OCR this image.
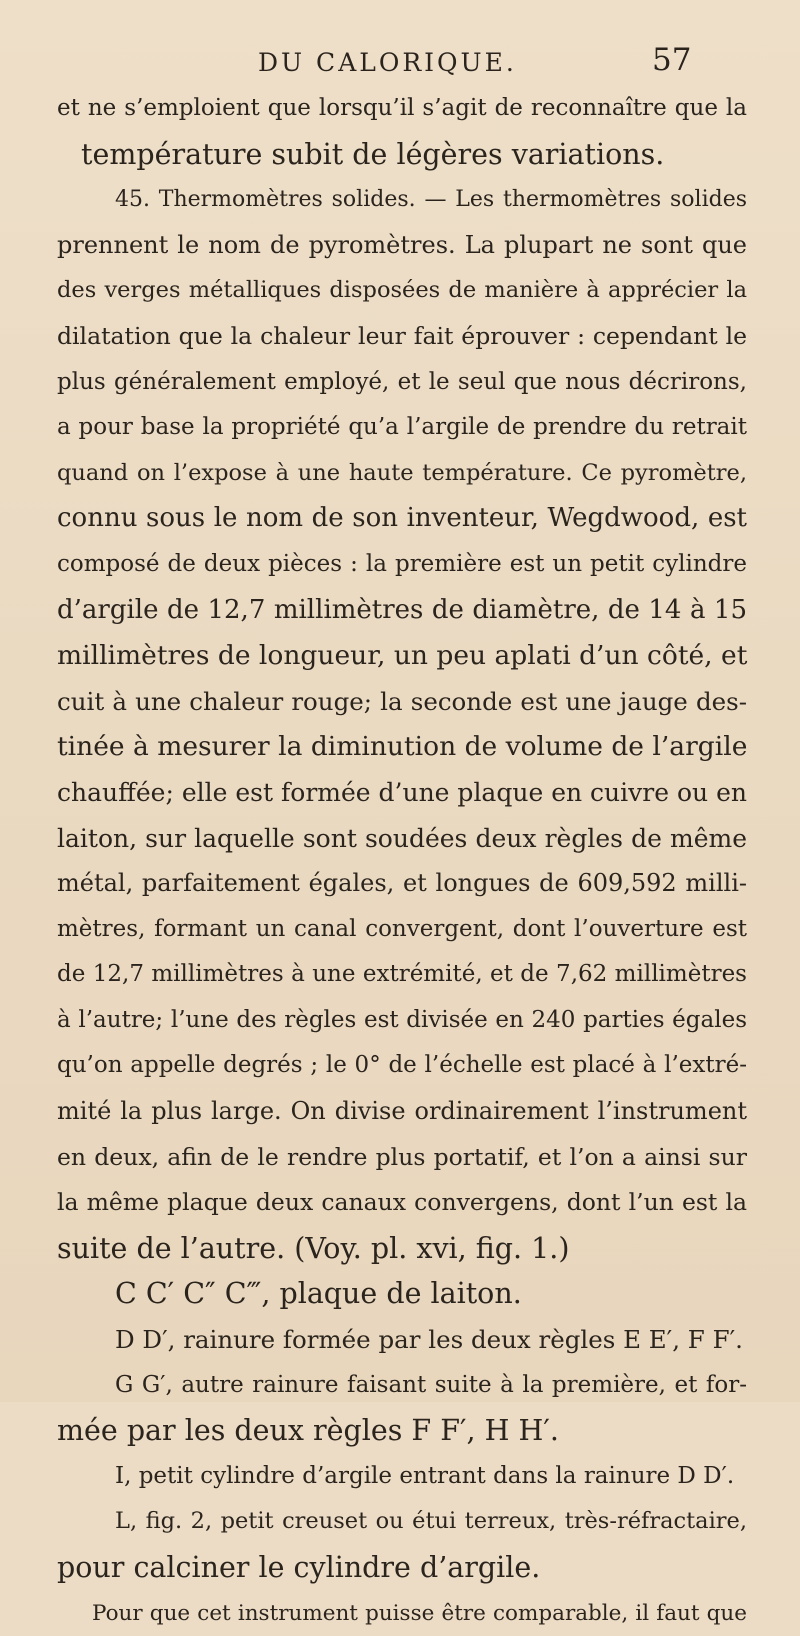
DU CALORIQUE.	57
et ne s’emploient que lorsqu’il s’agit de reconnaître que la
température subit de légères variations.
45. Thermomètres solides. — Les thermomètres solides
prennent le nom de pyromètres. La plupart ne sont que
des verges métalliques disposées de manière à apprécier la
dilatation que la chaleur leur fait éprouver : cependant le
plus généralement employé, et le seul que nous décrirons,
a pour base la propriété qu’a l’argile de prendre du retrait
quand on l’expose à une haute température. Ce pyromètre,
connu sous le nom de son inventeur, Wegdwood, est
composé de deux pièces : la première est un petit cylindre
d’argile de 12,7 millimètres de diamètre, de 14 à 15
millimètres de longueur, un peu aplati d’un côté, et
cuit à une chaleur rouge; la seconde est une jauge des-
tinée à mesurer la diminution de volume de l’argile
chauffée; elle est formée d’une plaque en cuivre ou en
laiton, sur laquelle sont soudées deux règles de même
métal, parfaitement égales, et longues de 609,592 milli-
mètres, formant un canal convergent, dont l’ouverture est
de 12,7 millimètres à une extrémité, et de 7,62 millimètres
à l’autre; l’une des règles est divisée en 240 parties égales
qu’on appelle degrés ; le 0° de l’échelle est placé à l’extré-
mité la plus large. On divise ordinairement l’instrument
en deux, afin de le rendre plus portatif, et l’on a ainsi sur
la même plaque deux canaux convergens, dont l’un est la
suite de l’autre. (Voy. pl. xvi, fig. 1.)
C C′ C″ C‴, plaque de laiton.
D D′, rainure formée par les deux règles E E′, F F′.
G G′, autre rainure faisant suite à la première, et for-
mée par les deux règles F F′, H H′.
I, petit cylindre d’argile entrant dans la rainure D D′.
L, fig. 2, petit creuset ou étui terreux, très-réfractaire,
pour calciner le cylindre d’argile.
Pour que cet instrument puisse être comparable, il faut que
